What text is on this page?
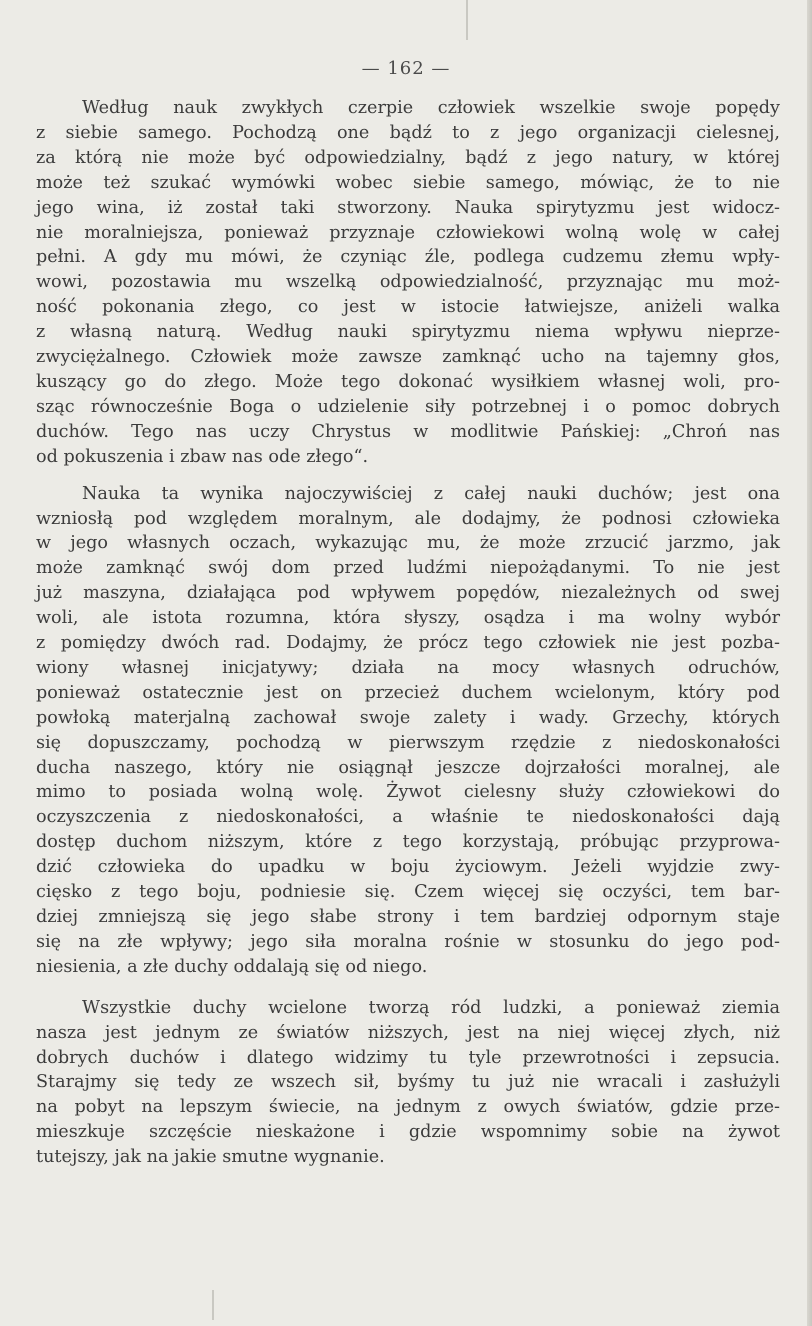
— 162 —
Według nauk zwykłych czerpie człowiek wszelkie swoje popędy
z siebie samego. Pochodzą one bądź to z jego organizacji cielesnej,
za którą nie może być odpowiedzialny, bądź z jego natury, w której
może też szukać wymówki wobec siebie samego, mówiąc, że to nie
jego wina, iż został taki stworzony. Nauka spirytyzmu jest widocz-
nie moralniejsza, ponieważ przyznaje człowiekowi wolną wolę w całej
pełni. A gdy mu mówi, że czyniąc źle, podlega cudzemu złemu wpły-
wowi, pozostawia mu wszelką odpowiedzialność, przyznając mu moż-
ność pokonania złego, co jest w istocie łatwiejsze, aniżeli walka
z własną naturą. Według nauki spirytyzmu niema wpływu nieprze-
zwyciężalnego. Człowiek może zawsze zamknąć ucho na tajemny głos,
kuszący go do złego. Może tego dokonać wysiłkiem własnej woli, pro-
sząc równocześnie Boga o udzielenie siły potrzebnej i o pomoc dobrych
duchów. Tego nas uczy Chrystus w modlitwie Pańskiej: „Chroń nas
od pokuszenia i zbaw nas ode złego“.
Nauka ta wynika najoczywiściej z całej nauki duchów; jest ona
wzniosłą pod względem moralnym, ale dodajmy, że podnosi człowieka
w jego własnych oczach, wykazując mu, że może zrzucić jarzmo, jak
może zamknąć swój dom przed ludźmi niepożądanymi. To nie jest
już maszyna, działająca pod wpływem popędów, niezależnych od swej
woli, ale istota rozumna, która słyszy, osądza i ma wolny wybór
z pomiędzy dwóch rad. Dodajmy, że prócz tego człowiek nie jest pozba-
wiony własnej inicjatywy; działa na mocy własnych odruchów,
ponieważ ostatecznie jest on przecież duchem wcielonym, który pod
powłoką materjalną zachował swoje zalety i wady. Grzechy, których
się dopuszczamy, pochodzą w pierwszym rzędzie z niedoskonałości
ducha naszego, który nie osiągnął jeszcze dojrzałości moralnej, ale
mimo to posiada wolną wolę. Żywot cielesny służy człowiekowi do
oczyszczenia z niedoskonałości, a właśnie te niedoskonałości dają
dostęp duchom niższym, które z tego korzystają, próbując przyprowa-
dzić człowieka do upadku w boju życiowym. Jeżeli wyjdzie zwy-
cięsko z tego boju, podniesie się. Czem więcej się oczyści, tem bar-
dziej zmniejszą się jego słabe strony i tem bardziej odpornym staje
się na złe wpływy; jego siła moralna rośnie w stosunku do jego pod-
niesienia, a złe duchy oddalają się od niego.
Wszystkie duchy wcielone tworzą ród ludzki, a ponieważ ziemia
nasza jest jednym ze światów niższych, jest na niej więcej złych, niż
dobrych duchów i dlatego widzimy tu tyle przewrotności i zepsucia.
Starajmy się tedy ze wszech sił, byśmy tu już nie wracali i zasłużyli
na pobyt na lepszym świecie, na jednym z owych światów, gdzie prze-
mieszkuje szczęście nieskażone i gdzie wspomnimy sobie na żywot
tutejszy, jak na jakie smutne wygnanie.
